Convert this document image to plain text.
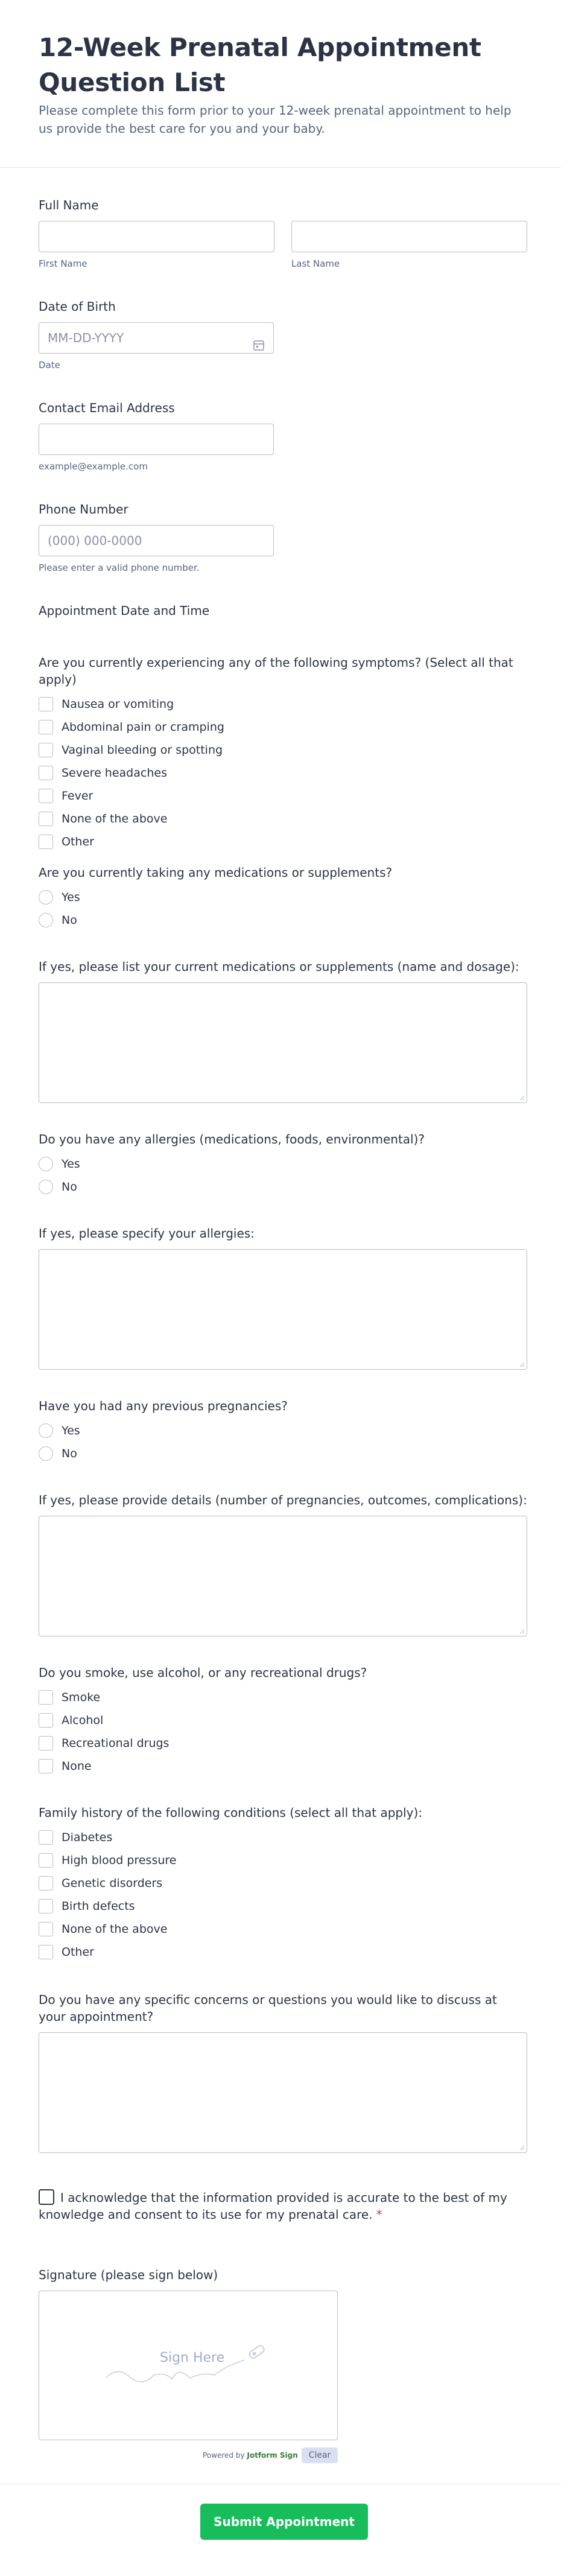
12-Week Prenatal Appointment Question List
Please complete this form prior to your 12-week prenatal appointment to help us provide the best care for you and your baby.
Full Name
First Name	Last Name
Date of Birth
MM-DD-YYYY
Date
Contact Email Address
example@example.com
Phone Number
(000) 000-0000
Please enter a valid phone number.
Appointment Date and Time
Are you currently experiencing any of the following symptoms? (Select all that apply)
Nausea or vomiting
Abdominal pain or cramping
Vaginal bleeding or spotting
Severe headaches
Fever
None of the above
Other
Are you currently taking any medications or supplements?
Yes
No
If yes, please list your current medications or supplements (name and dosage):
Do you have any allergies (medications, foods, environmental)?
Yes
No
If yes, please specify your allergies:
Have you had any previous pregnancies?
Yes
No
If yes, please provide details (number of pregnancies, outcomes, complications):
Do you smoke, use alcohol, or any recreational drugs?
Smoke
Alcohol
Recreational drugs
None
Family history of the following conditions (select all that apply):
Diabetes
High blood pressure
Genetic disorders
Birth defects
None of the above
Other
Do you have any specific concerns or questions you would like to discuss at your appointment?
I acknowledge that the information provided is accurate to the best of my knowledge and consent to its use for my prenatal care. *
Signature (please sign below)
Sign Here
Powered by Jotform Sign	Clear
Submit Appointment Form
